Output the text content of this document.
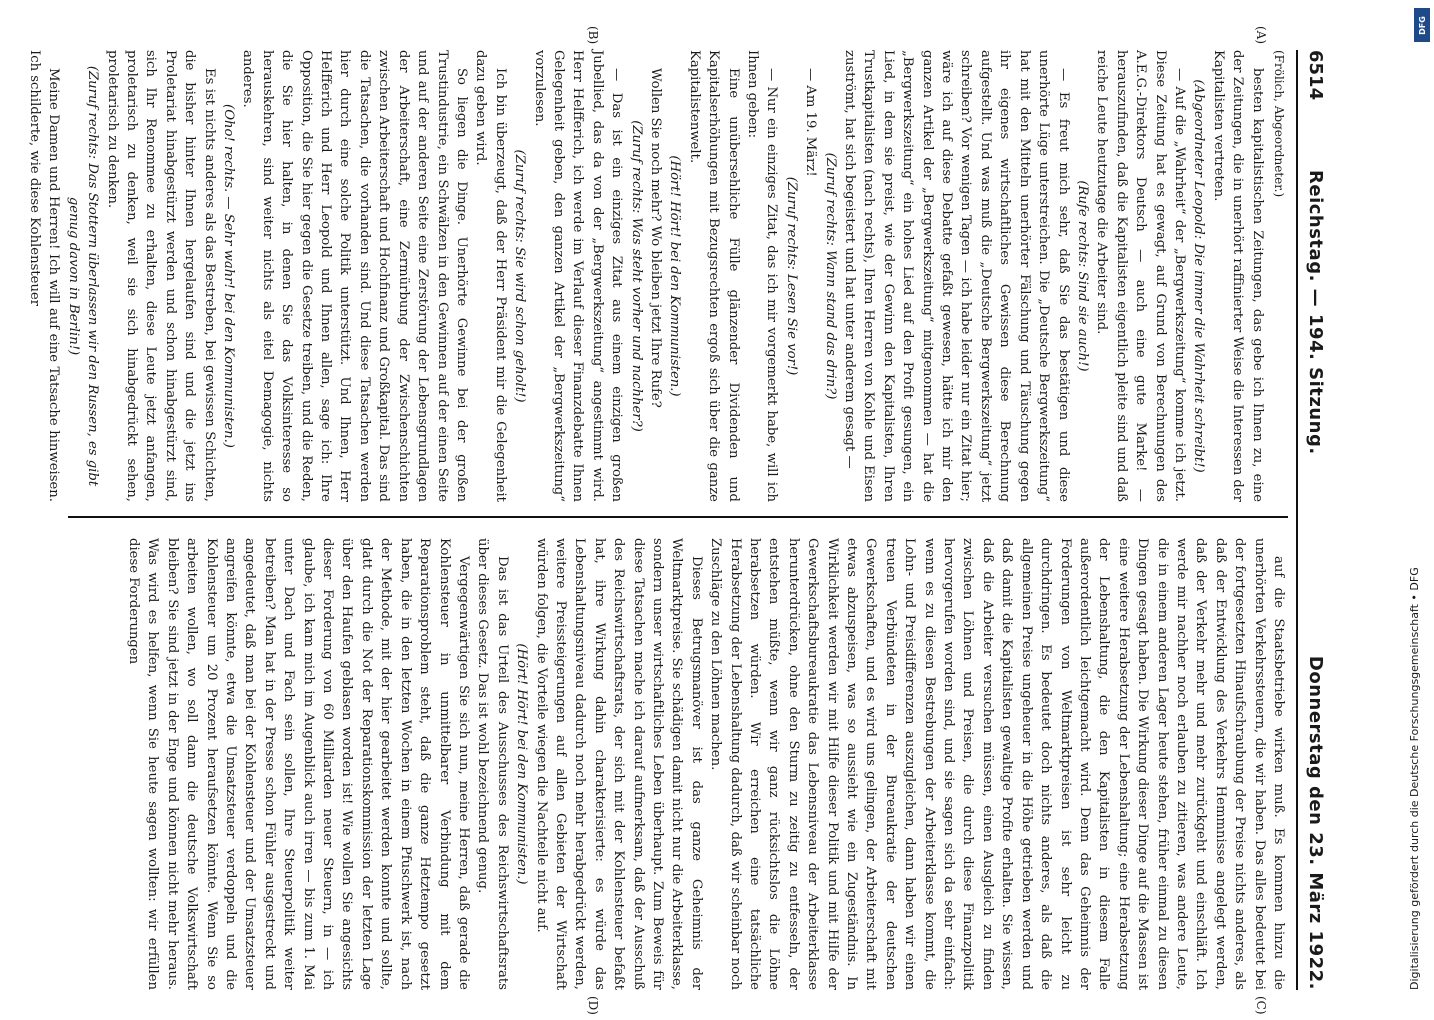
6514
Reichstag. — 194. Sitzung.
Donnerstag den 23. März 1922.
(A)
(B)
(C)
(D)

(Frölich, Abgeordneter.)

besten kapitalistischen Zeitungen, das gebe ich Ihnen zu, eine der Zeitungen, die in unerhört raffinierter Weise die Interessen der Kapitalisten vertreten.

(Abgeordneter Leopold: Die immer die Wahrheit schreibt!)

— Auf die „Wahrheit“ der „Bergwerkszeitung“ komme ich jetzt. Diese Zeitung hat es gewagt, auf Grund von Berechnungen des A.E.G.-Direktors Deutsch — auch eine gute Marke! — herauszufinden, daß die Kapitalisten eigentlich pleite sind und daß reiche Leute heutzutage die Arbeiter sind.

(Rufe rechts: Sind sie auch!)

— Es freut mich sehr, daß Sie das bestätigen und diese unerhörte Lüge unterstreichen. Die „Deutsche Bergwerkszeitung“ hat mit den Mitteln unerhörter Fälschung und Täuschung gegen ihr eigenes wirtschaftliches Gewissen diese Berechnung aufgestellt. Und was muß die „Deutsche Bergwerkszeitung“ jetzt schreiben? Vor wenigen Tagen — ich habe leider nur ein Zitat hier; wäre ich auf diese Debatte gefaßt gewesen, hätte ich mir den ganzen Artikel der „Bergwerkszeitung“ mitgenommen — hat die „Bergwerkszeitung“ ein hohes Lied auf den Profit gesungen, ein Lied, in dem sie preist, wie der Gewinn den Kapitalisten, Ihren Trustkapitalisten (nach rechts), Ihren Herren von Kohle und Eisen zuströmt, hat sich begeistert und hat unter anderem gesagt —

(Zuruf rechts: Wann stand das drin?)

— Am 19. März!

(Zuruf rechts: Lesen Sie vor!)

— Nur ein einziges Zitat, das ich mir vorgemerkt habe, will ich Ihnen geben:

Eine unübersehliche Fülle glänzender Dividenden und Kapitalserhöhungen mit Bezugsrechten ergoß sich über die ganze Kapitalistenwelt.

(Hört! Hört! bei den Kommunisten.)

Wollen Sie noch mehr? Wo bleiben jetzt Ihre Rufe?

(Zuruf rechts: Was steht vorher und nachher?)

— Das ist ein einziges Zitat aus einem einzigen großen Jubellied, das da von der „Bergwerkszeitung“ angestimmt wird. Herr Helfferich, ich werde im Verlauf dieser Finanzdebatte Ihnen Gelegenheit geben, den ganzen Artikel der „Bergwerkszeitung“ vorzulesen.

(Zuruf rechts: Sie wird schon geholt!)

Ich bin überzeugt, daß der Herr Präsident mir die Gelegenheit dazu geben wird.

So liegen die Dinge. Unerhörte Gewinne bei der großen Trustindustrie, ein Schwälzen in den Gewinnen auf der einen Seite und auf der anderen Seite eine Zerstörung der Lebensgrundlagen der Arbeiterschaft, eine Zermürbung der Zwischenschichten zwischen Arbeiterschaft und Hochfinanz und Großkapital. Das sind die Tatsachen, die vorhanden sind. Und diese Tatsachen werden hier durch eine solche Politik unterstützt. Und Ihnen, Herr Helfferich und Herr Leopold und Ihnen allen, sage ich: Ihre Opposition, die Sie hier gegen die Gesetze treiben, und die Reden, die Sie hier halten, in denen Sie das Volksinteresse so herauskehren, sind weiter nichts als eitel Demagogie, nichts anderes.

(Oho! rechts. — Sehr wahr! bei den Kommunisten.)

Es ist nichts anderes als das Bestreben, bei gewissen Schichten, die bisher hinter Ihnen hergelaufen sind und die jetzt ins Proletariat hinabgestürzt werden und schon hinabgestürzt sind, sich Ihr Renommee zu erhalten, diese Leute jetzt anfangen, proletarisch zu denken, weil sie sich hinabgedrückt sehen, proletarisch zu denken.

(Zuruf rechts: Das Stottern überlassen wir den Russen, es gibt genug davon in Berlin!)

Meine Damen und Herren! Ich will auf eine Tatsache hinweisen. Ich schilderte, wie diese Kohlensteuer

auf die Staatsbetriebe wirken muß. Es kommen hinzu die unerhörten Verkehrssteuern, die wir haben. Das alles bedeutet bei der fortgesetzten Hinaufschraubung der Preise nichts anderes, als daß der Entwicklung des Verkehrs Hemmnisse angelegt werden, daß der Verkehr mehr und mehr zurückgeht und einschläft. Ich werde mir nachher noch erlauben zu zitieren, was andere Leute, die in einem anderen Lager heute stehen, früher einmal zu diesen Dingen gesagt haben. Die Wirkung dieser Dinge auf die Massen ist eine weitere Herabsetzung der Lebenshaltung; eine Herabsetzung der Lebenshaltung, die den Kapitalisten in diesem Falle außerordentlich leichtgemacht wird. Denn das Geheimnis der Forderungen von Weltmarktpreisen ist sehr leicht zu durchdringen. Es bedeutet doch nichts anderes, als daß die allgemeinen Preise ungeheuer in die Höhe getrieben werden und daß damit die Kapitalisten gewaltige Profite erhalten. Sie wissen, daß die Arbeiter versuchen müssen, einen Ausgleich zu finden zwischen Löhnen und Preisen, die durch diese Finanzpolitik hervorgerufen worden sind, und sie sagen sich da sehr einfach: wenn es zu diesen Bestrebungen der Arbeiterklasse kommt, die Lohn- und Preisdifferenzen auszugleichen, dann haben wir einen treuen Verbündeten in der Bureaukratie der deutschen Gewerkschaften, und es wird uns gelingen, der Arbeiterschaft mit etwas abzuspeisen, was so aussieht wie ein Zugeständnis. In Wirklichkeit werden wir mit Hilfe dieser Politik und mit Hilfe der Gewerkschaftsbureaukratie das Lebensniveau der Arbeiterklasse herunterdrücken, ohne den Sturm zu zeitig zu entfesseln, der entstehen müßte, wenn wir ganz rücksichtslos die Löhne herabsetzen würden. Wir erreichen eine tatsächliche Herabsetzung der Lebenshaltung dadurch, daß wir scheinbar noch Zuschläge zu den Löhnen machen.

Dieses Betrugsmanöver ist das ganze Geheimnis der Weltmarktpreise. Sie schädigen damit nicht nur die Arbeiterklasse, sondern unser wirtschaftliches Leben überhaupt. Zum Beweis für diese Tatsachen mache ich darauf aufmerksam, daß der Ausschuß des Reichswirtschaftsrats, der sich mit der Kohlensteuer befaßt hat, ihre Wirkung dahin charakterisierte: es würde das Lebenshaltungsniveau dadurch noch mehr herabgedrückt werden, weitere Preissteigerungen auf allen Gebieten der Wirtschaft würden folgen, die Vorteile wiegen die Nachteile nicht auf.

(Hört! Hört! bei den Kommunisten.)

Das ist das Urteil des Ausschusses des Reichswirtschaftsrats über dieses Gesetz. Das ist wohl bezeichnend genug.

Vergegenwärtigen Sie sich nun, meine Herren, daß gerade die Kohlensteuer in unmittelbarer Verbindung mit dem Reparationsproblem steht, daß die ganze Hetztempo gesetzt haben, die in den letzten Wochen in einem Pfuschwerk ist, nach der Methode, mit der hier gearbeitet werden konnte und sollte, glatt durch die Not der Reparationskommission der letzten Lage über den Haufen geblasen worden ist! Wie wollen Sie angesichts dieser Forderung von 60 Milliarden neuer Steuern, in — ich glaube, ich kam mich im Augenblick auch irren — bis zum 1. Mai unter Dach und Fach sein sollen, Ihre Steuerpolitik weiter betreiben? Man hat in der Presse schon Fühler ausgestreckt und angedeutet, daß man bei der Kohlensteuer und der Umsatzsteuer angreifen könnte, etwa die Umsatzsteuer verdoppeln und die Kohlensteuer um 20 Prozent heraufsetzen könnte. Wenn Sie so arbeiten wollen, wo soll dann die deutsche Volkswirtschaft bleiben? Sie sind jetzt in der Enge und können nicht mehr heraus. Was wird es helfen, wenn Sie heute sagen wollten: wir erfüllen diese Forderungen	Digitalisierung gefördert durch die Deutsche Forschungsgemeinschaft • DFG
DFG
